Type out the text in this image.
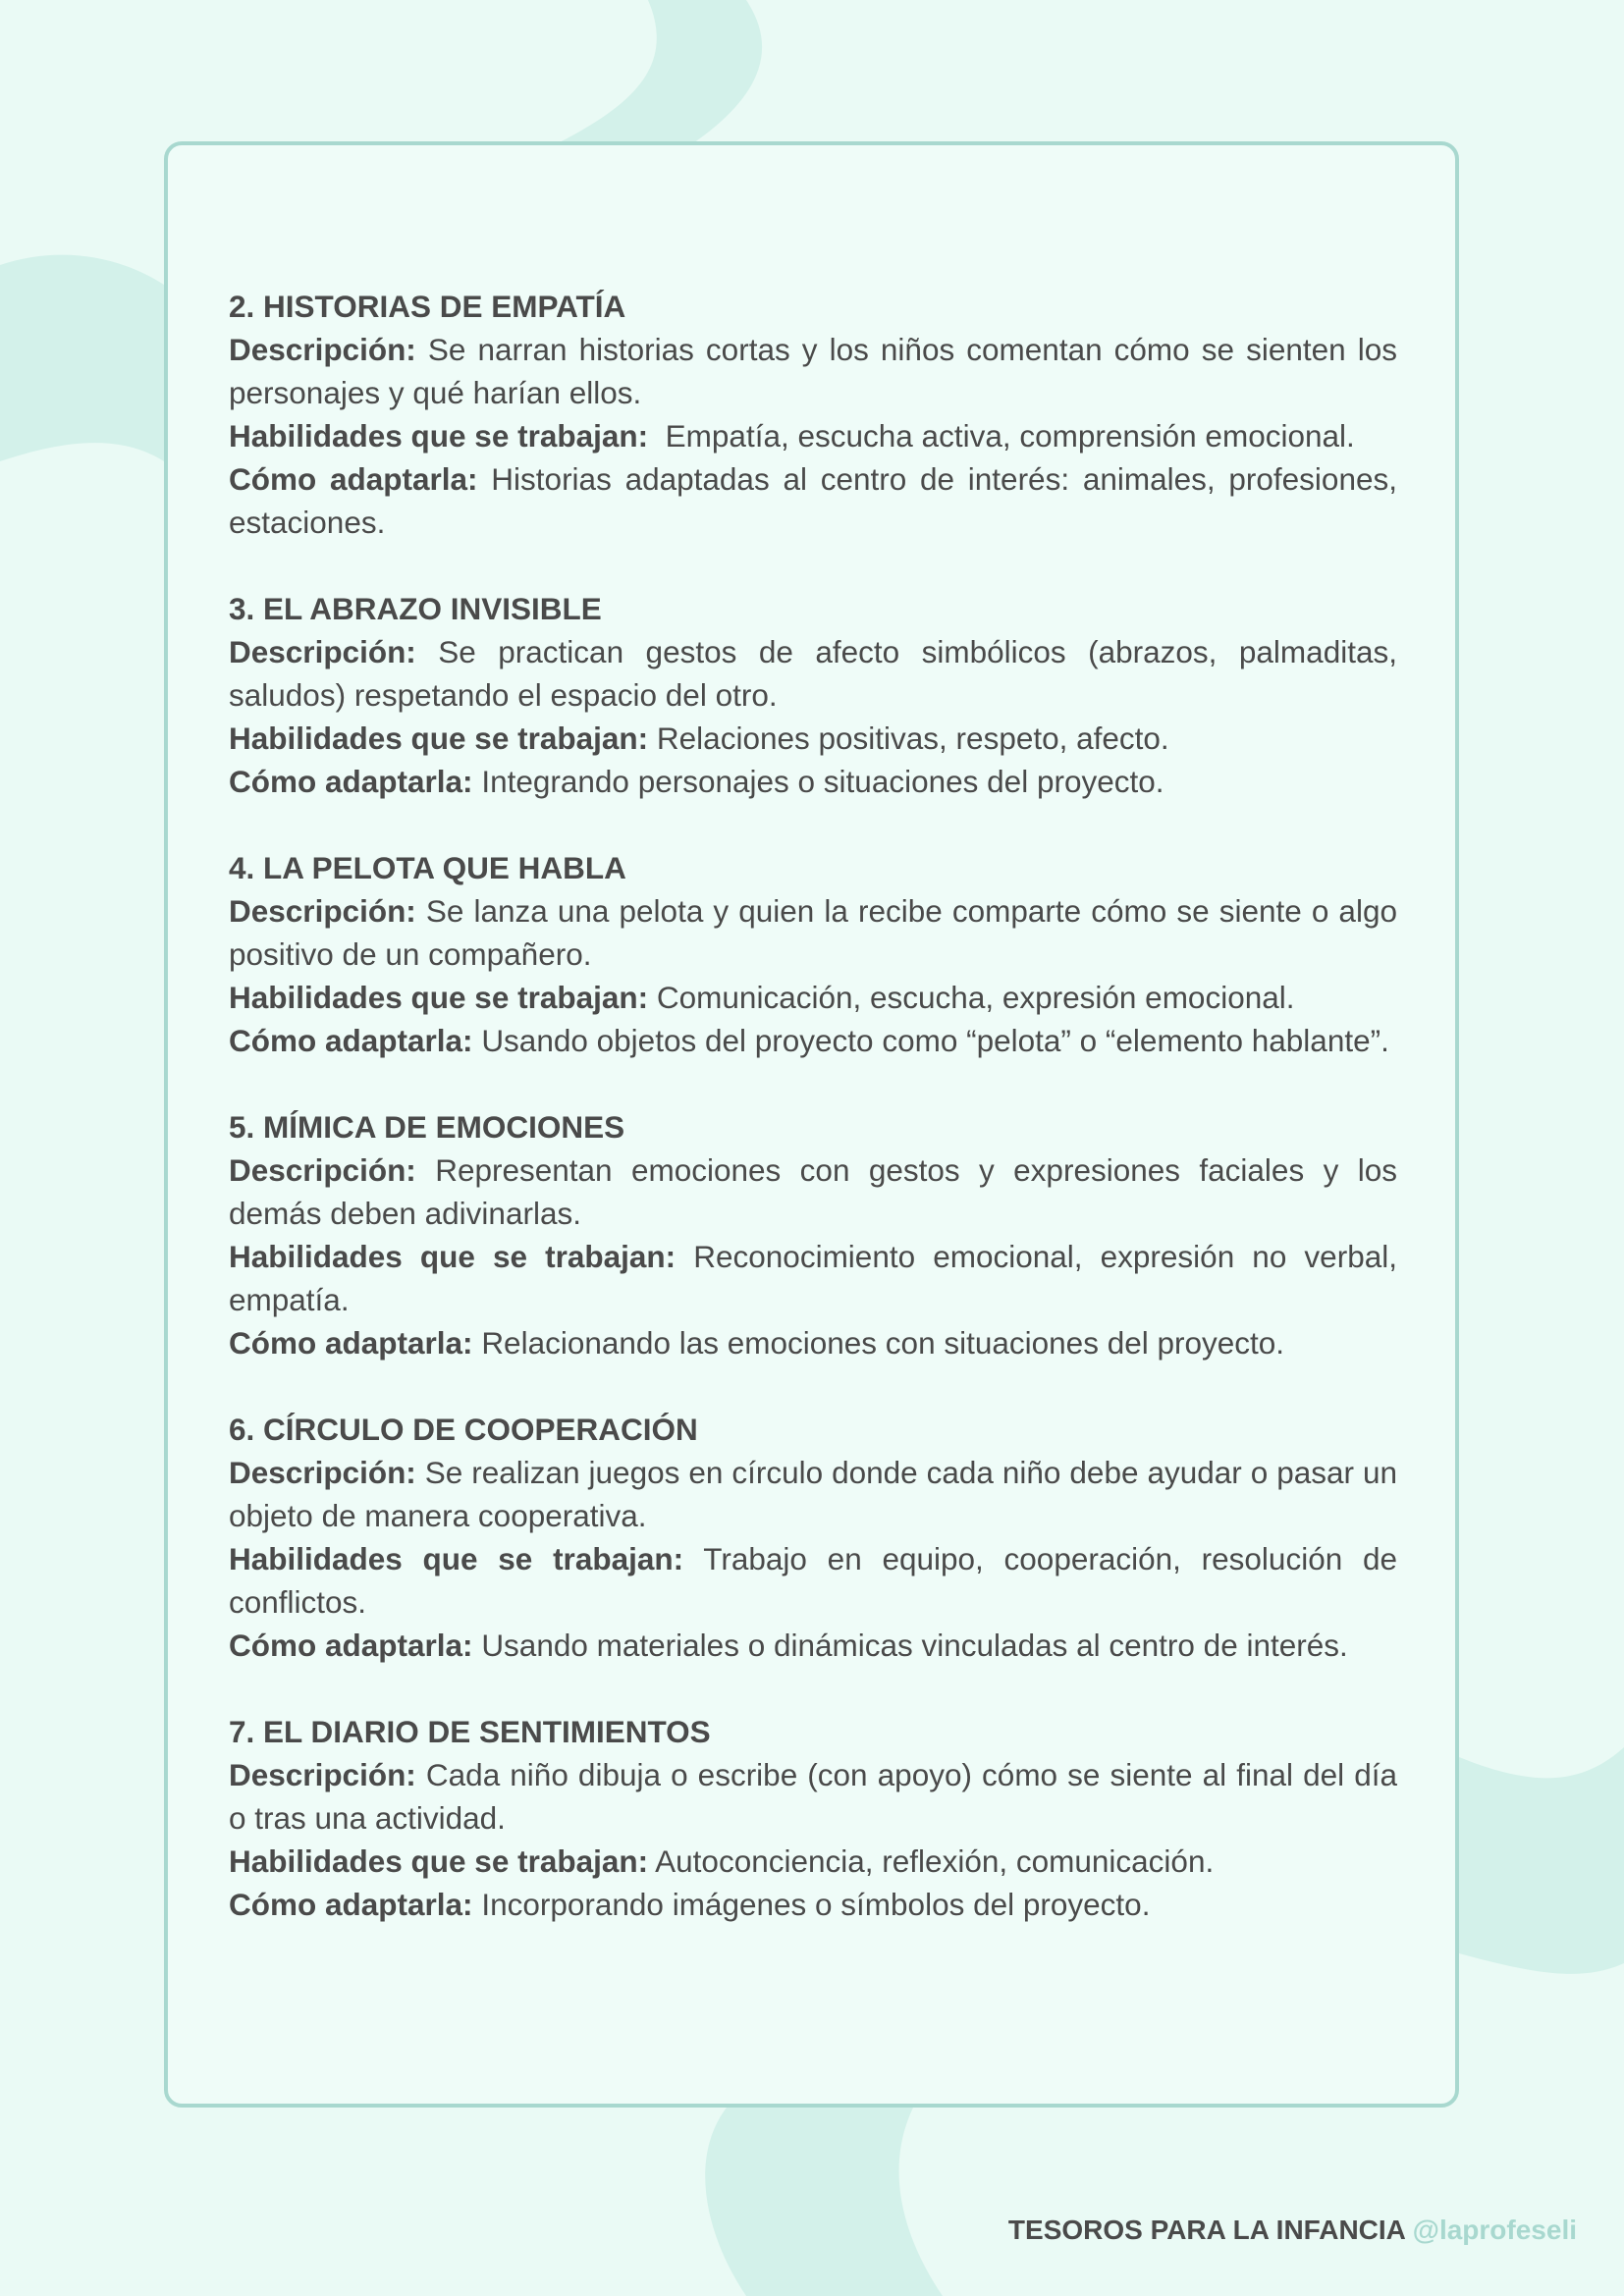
2. HISTORIAS DE EMPATÍA

Descripción: Se narran historias cortas y los niños comentan cómo se sienten los personajes y qué harían ellos.

Habilidades que se trabajan: Empatía, escucha activa, comprensión emocional.

Cómo adaptarla: Historias adaptadas al centro de interés: animales, profesiones, estaciones.

3. EL ABRAZO INVISIBLE

Descripción: Se practican gestos de afecto simbólicos (abrazos, palmaditas, saludos) respetando el espacio del otro.

Habilidades que se trabajan: Relaciones positivas, respeto, afecto.

Cómo adaptarla: Integrando personajes o situaciones del proyecto.

4. LA PELOTA QUE HABLA

Descripción: Se lanza una pelota y quien la recibe comparte cómo se siente o algo positivo de un compañero.

Habilidades que se trabajan: Comunicación, escucha, expresión emocional.

Cómo adaptarla: Usando objetos del proyecto como “pelota” o “elemento hablante”.

5. MÍMICA DE EMOCIONES

Descripción: Representan emociones con gestos y expresiones faciales y los demás deben adivinarlas.

Habilidades que se trabajan: Reconocimiento emocional, expresión no verbal, empatía.

Cómo adaptarla: Relacionando las emociones con situaciones del proyecto.

6. CÍRCULO DE COOPERACIÓN

Descripción: Se realizan juegos en círculo donde cada niño debe ayudar o pasar un objeto de manera cooperativa.

Habilidades que se trabajan: Trabajo en equipo, cooperación, resolución de conflictos.

Cómo adaptarla: Usando materiales o dinámicas vinculadas al centro de interés.

7. EL DIARIO DE SENTIMIENTOS

Descripción: Cada niño dibuja o escribe (con apoyo) cómo se siente al final del día o tras una actividad.

Habilidades que se trabajan: Autoconciencia, reflexión, comunicación.

Cómo adaptarla: Incorporando imágenes o símbolos del proyecto.

TESOROS PARA LA INFANCIA @laprofeseli
